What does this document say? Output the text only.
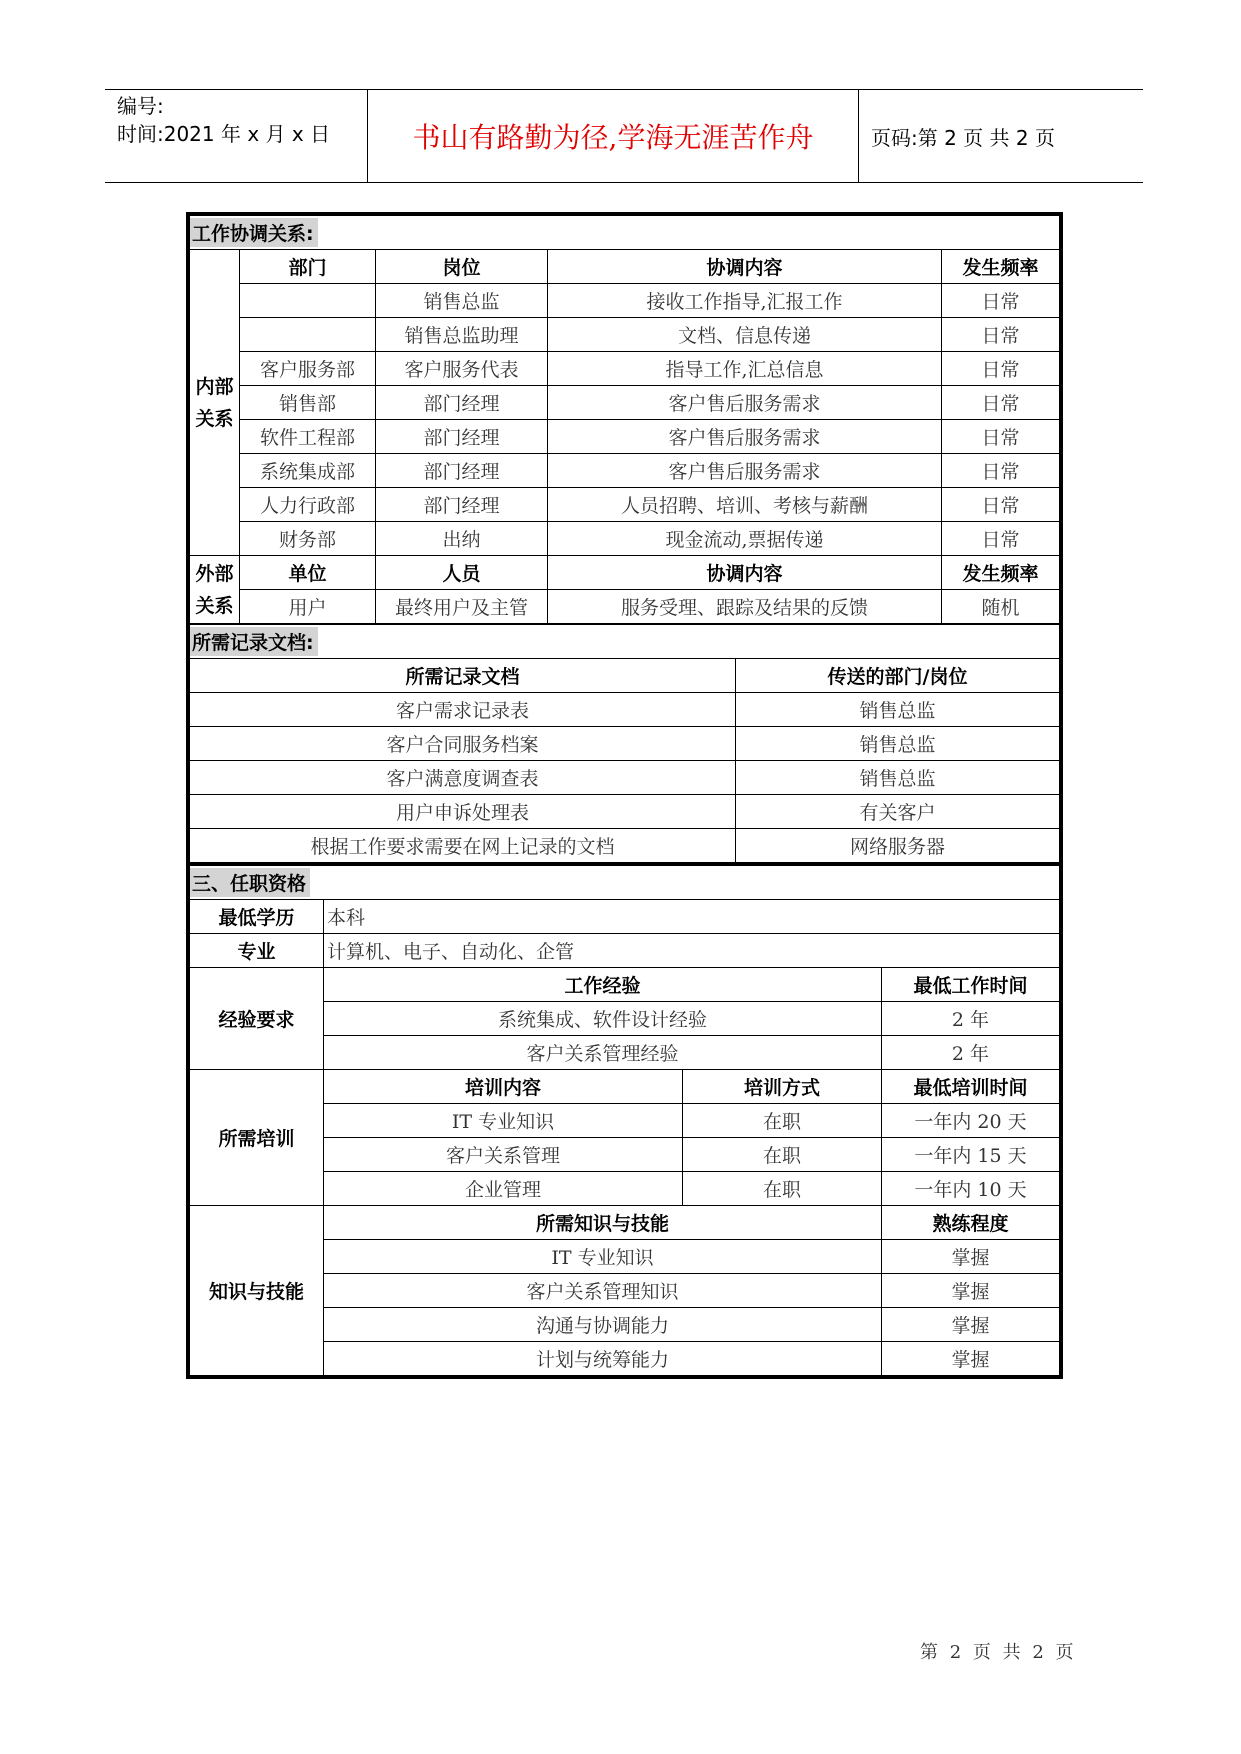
编号:
时间:2021 年 x 月 x 日	书山有路勤为径,学海无涯苦作舟	页码:第 2 页 共 2 页
工作协调关系:				
内部关系	部门	岗位	协调内容	发生频率
		销售总监	接收工作指导,汇报工作	日常
		销售总监助理	文档、信息传递	日常
	客户服务部	客户服务代表	指导工作,汇总信息	日常
	销售部	部门经理	客户售后服务需求	日常
	软件工程部	部门经理	客户售后服务需求	日常
	系统集成部	部门经理	客户售后服务需求	日常
	人力行政部	部门经理	人员招聘、培训、考核与薪酬	日常
	财务部	出纳	现金流动,票据传递	日常
外部关系	单位	人员	协调内容	发生频率
	用户	最终用户及主管	服务受理、跟踪及结果的反馈	随机
所需记录文档:	
所需记录文档	传送的部门/岗位
客户需求记录表	销售总监
客户合同服务档案	销售总监
客户满意度调查表	销售总监
用户申诉处理表	有关客户
根据工作要求需要在网上记录的文档	网络服务器
三、任职资格			
最低学历	本科		
专业	计算机、电子、自动化、企管		
经验要求	工作经验		最低工作时间
	系统集成、软件设计经验		2 年
	客户关系管理经验		2 年
所需培训	培训内容	培训方式	最低培训时间
	IT 专业知识	在职	一年内 20 天
	客户关系管理	在职	一年内 15 天
	企业管理	在职	一年内 10 天
知识与技能	所需知识与技能		熟练程度
	IT 专业知识		掌握
	客户关系管理知识		掌握
	沟通与协调能力		掌握
	计划与统筹能力		掌握
第 2 页 共 2 页
